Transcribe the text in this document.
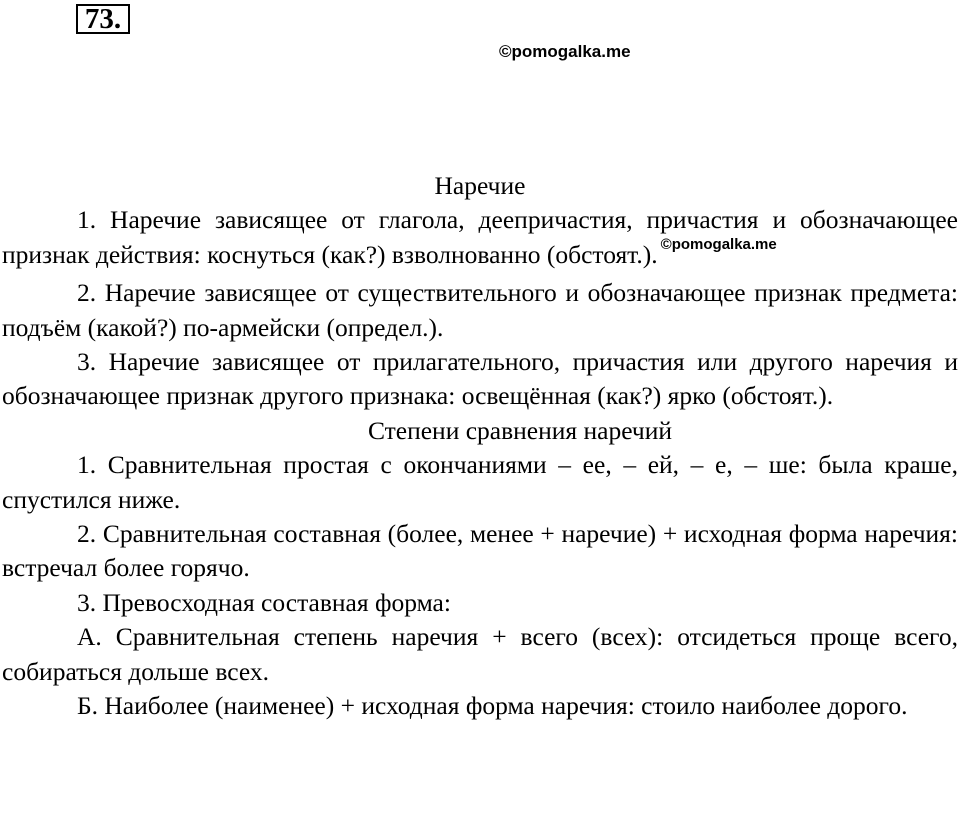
73.
©pomogalka.me
Наречие

1. Наречие зависящее от глагола, деепричастия, причастия и обозначающее признак действия: коснуться (как?) взволнованно (обстоят.). $^{©pomogalka.me}$

2. Наречие зависящее от существительного и обозначающее признак предмета: подъём (какой?) по-армейски (определ.).

3. Наречие зависящее от прилагательного, причастия или другого наречия и обозначающее признак другого признака: освещённая (как?) ярко (обстоят.).

Степени сравнения наречий

1. Сравнительная простая с окончаниями – ее, – ей, – е, – ше: была краше, спустился ниже.

2. Сравнительная составная (более, менее + наречие) + исходная форма наречия: встречал более горячо.

3. Превосходная составная форма:

А. Сравнительная степень наречия + всего (всех): отсидеться проще всего, собираться дольше всех.

Б. Наиболее (наименее) + исходная форма наречия: стоило наиболее дорого.
